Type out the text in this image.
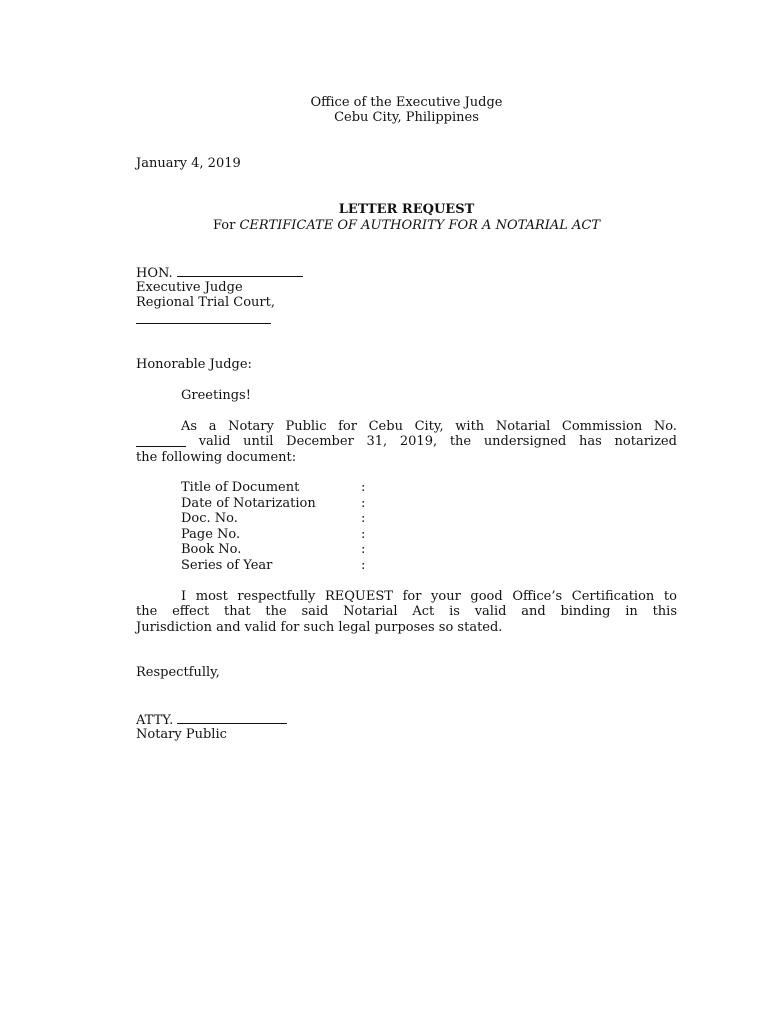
Office of the Executive Judge
Cebu City, Philippines
January 4, 2019
LETTER REQUEST
For CERTIFICATE OF AUTHORITY FOR A NOTARIAL ACT
HON.
Executive Judge
Regional Trial Court,
Honorable Judge:
Greetings!
As a Notary Public for Cebu City, with Notarial Commission No.
valid until December 31, 2019, the undersigned has notarized
the following document:
Title of Document	:
Date of Notarization	:
Doc. No.	:
Page No.	:
Book No.	:
Series of Year	:
I most respectfully REQUEST for your good Office’s Certification to
the effect that the said Notarial Act is valid and binding in this
Jurisdiction and valid for such legal purposes so stated.
Respectfully,
ATTY.
Notary Public
